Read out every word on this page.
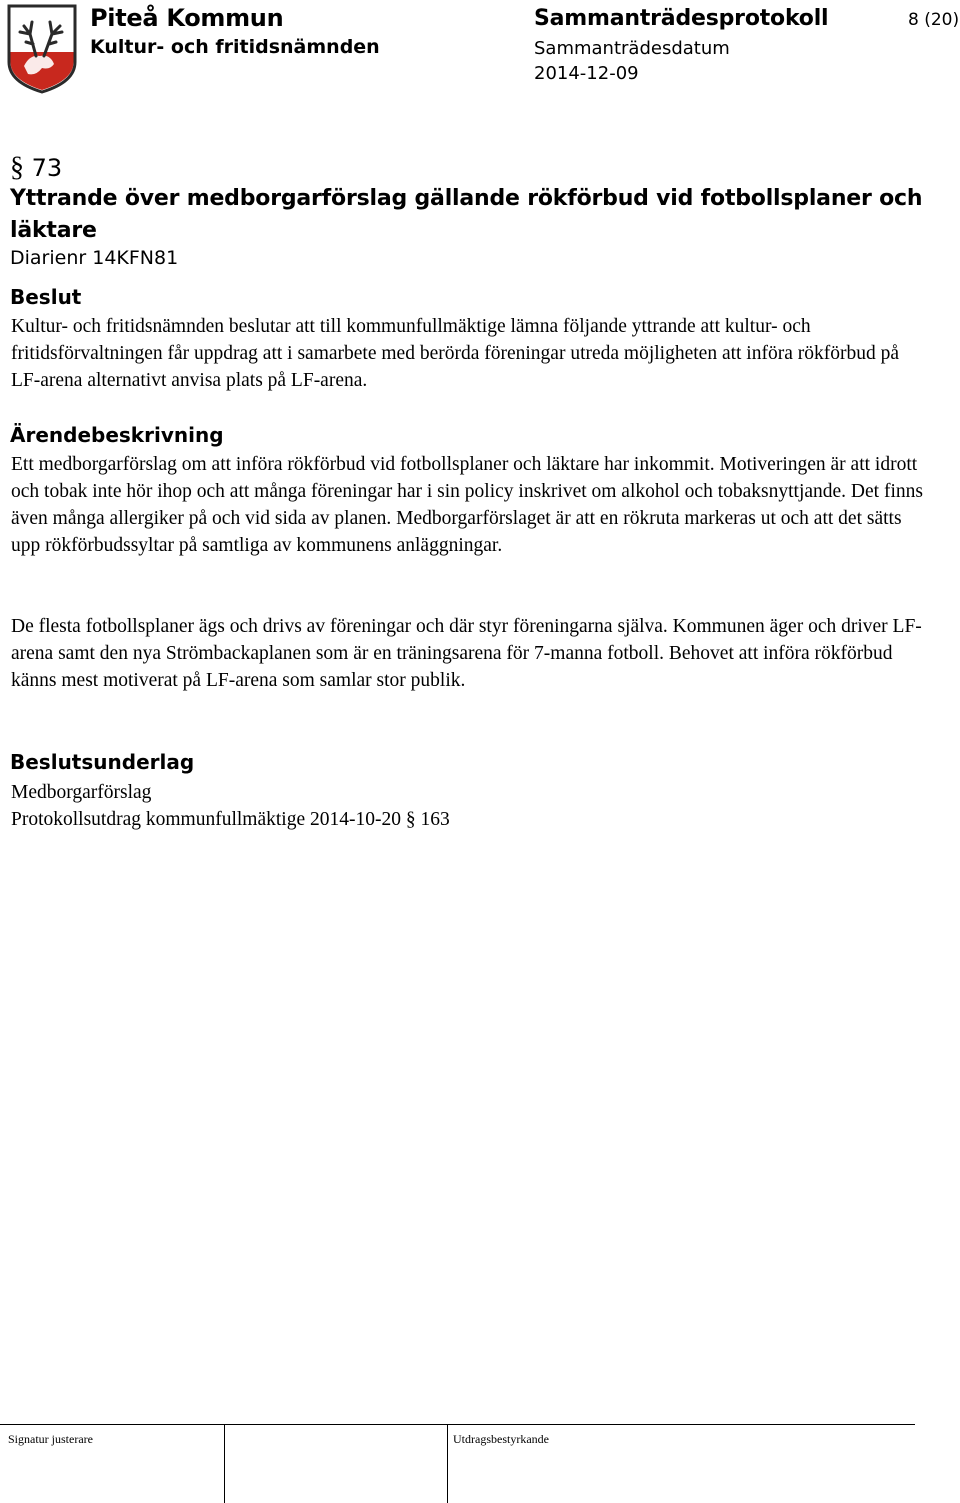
Piteå Kommun
Kultur- och fritidsnämnden
Sammanträdesprotokoll
Sammanträdesdatum
2014-12-09
8 (20)
§ 73
Yttrande över medborgarförslag gällande rökförbud vid fotbollsplaner och läktare
Diarienr 14KFN81
Beslut
Kultur- och fritidsnämnden beslutar att till kommunfullmäktige lämna följande yttrande att kultur- och fritidsförvaltningen får uppdrag att i samarbete med berörda föreningar utreda möjligheten att införa rökförbud på LF-arena alternativt anvisa plats på LF-arena.
Ärendebeskrivning
Ett medborgarförslag om att införa rökförbud vid fotbollsplaner och läktare har inkommit. Motiveringen är att idrott och tobak inte hör ihop och att många föreningar har i sin policy inskrivet om alkohol och tobaksnyttjande. Det finns även många allergiker på och vid sida av planen. Medborgarförslaget är att en rökruta markeras ut och att det sätts upp rökförbudssyltar på samtliga av kommunens anläggningar.
De flesta fotbollsplaner ägs och drivs av föreningar och där styr föreningarna själva. Kommunen äger och driver LF-arena samt den nya Strömbackaplanen som är en träningsarena för 7-manna fotboll. Behovet att införa rökförbud känns mest motiverat på LF-arena som samlar stor publik.
Beslutsunderlag
Medborgarförslag
Protokollsutdrag kommunfullmäktige 2014-10-20 § 163
Signatur justerare	Utdragsbestyrkande
